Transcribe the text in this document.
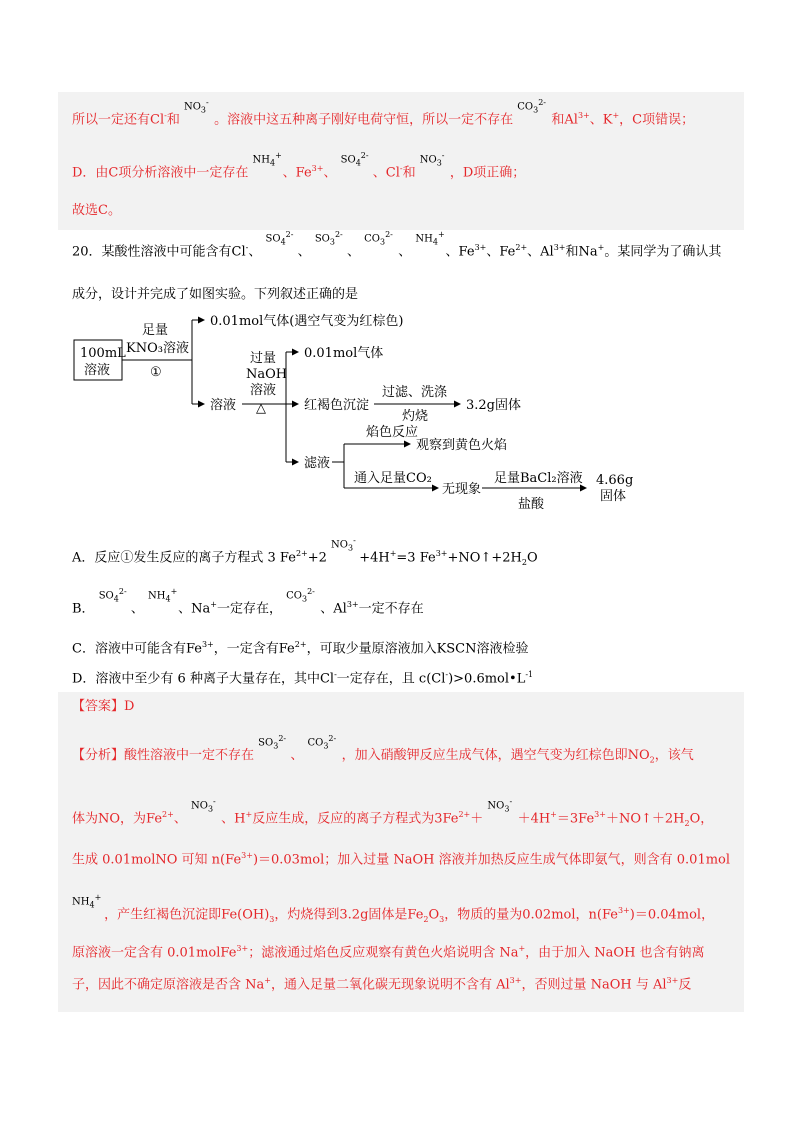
所以一定还有Cl-和
$NO_3^-$
。溶液中这五种离子刚好电荷守恒，所以一定不存在
$CO_3^{2-}$
和$Al^{3+}$、K+，C项错误；
D．由C项分析溶液中一定存在
$NH_4^+$
、$Fe^{3+}$、
$SO_4^{2-}$
、Cl-和
$NO_3^-$
，D项正确；
故选C。
20．某酸性溶液中可能含有Cl-、
$SO_4^{2-}$
、
$SO_3^{2-}$
、
$CO_3^{2-}$
、
$NH_4^+$
、$Fe^{3+}$、$Fe^{2+}$、$Al^{3+}$和Na+。某同学为了确认其
成分，设计并完成了如图实验。下列叙述正确的是
100mL
溶液
足量
KNO₃溶液
①
0.01mol气体(遇空气变为红棕色)
溶液
过量
NaOH
溶液
△
0.01mol气体
红褐色沉淀
过滤、洗涤
灼烧
3.2g固体
滤液
焰色反应
观察到黄色火焰
通入足量CO₂
无现象
足量BaCl₂溶液
盐酸
4.66g
固体
A．反应①发生反应的离子方程式 3 $Fe^{2+}+2$
$NO_3^-$
+4H+=3 $Fe^{3+}+NO↑+2H_2O$
B．
$SO_4^{2-}$
、
$NH_4^+$
、Na+一定存在，
$CO_3^{2-}$
、$Al^{3+}$一定不存在
C．溶液中可能含有$Fe^{3+}$，一定含有$Fe^{2+}$，可取少量原溶液加入KSCN溶液检验
D．溶液中至少有 6 种离子大量存在，其中Cl-一定存在，且 $c(Cl^-)>0.6mol•L^{-1}$
【答案】D
【分析】酸性溶液中一定不存在
$SO_3^{2-}$
、
$CO_3^{2-}$
，加入硝酸钾反应生成气体，遇空气变为红棕色即$NO_2$，该气
体为NO，为$Fe^{2+}$、
$NO_3^-$
、H+反应生成，反应的离子方程式为$3Fe^{2+}+$
$NO_3^-$
$+4H^+=3Fe^{3+}+NO↑+2H_2O$，
生成 0.01molNO 可知 $n(Fe^{3+})=0.03mol$；加入过量 NaOH 溶液并加热反应生成气体即氨气，则含有 0.01mol
$NH_4^+$
，产生红褐色沉淀即$Fe(OH)_3$，灼烧得到3.2g固体是$Fe_2O_3$，物质的量为0.02mol，$n(Fe^{3+})=0.04mol$，
原溶液一定含有 0.01molFe$^{3+}$；滤液通过焰色反应观察有黄色火焰说明含 Na+，由于加入 NaOH 也含有钠离
子，因此不确定原溶液是否含 Na+，通入足量二氧化碳无现象说明不含有 $Al^{3+}$，否则过量 NaOH 与 $Al^{3+}$反
